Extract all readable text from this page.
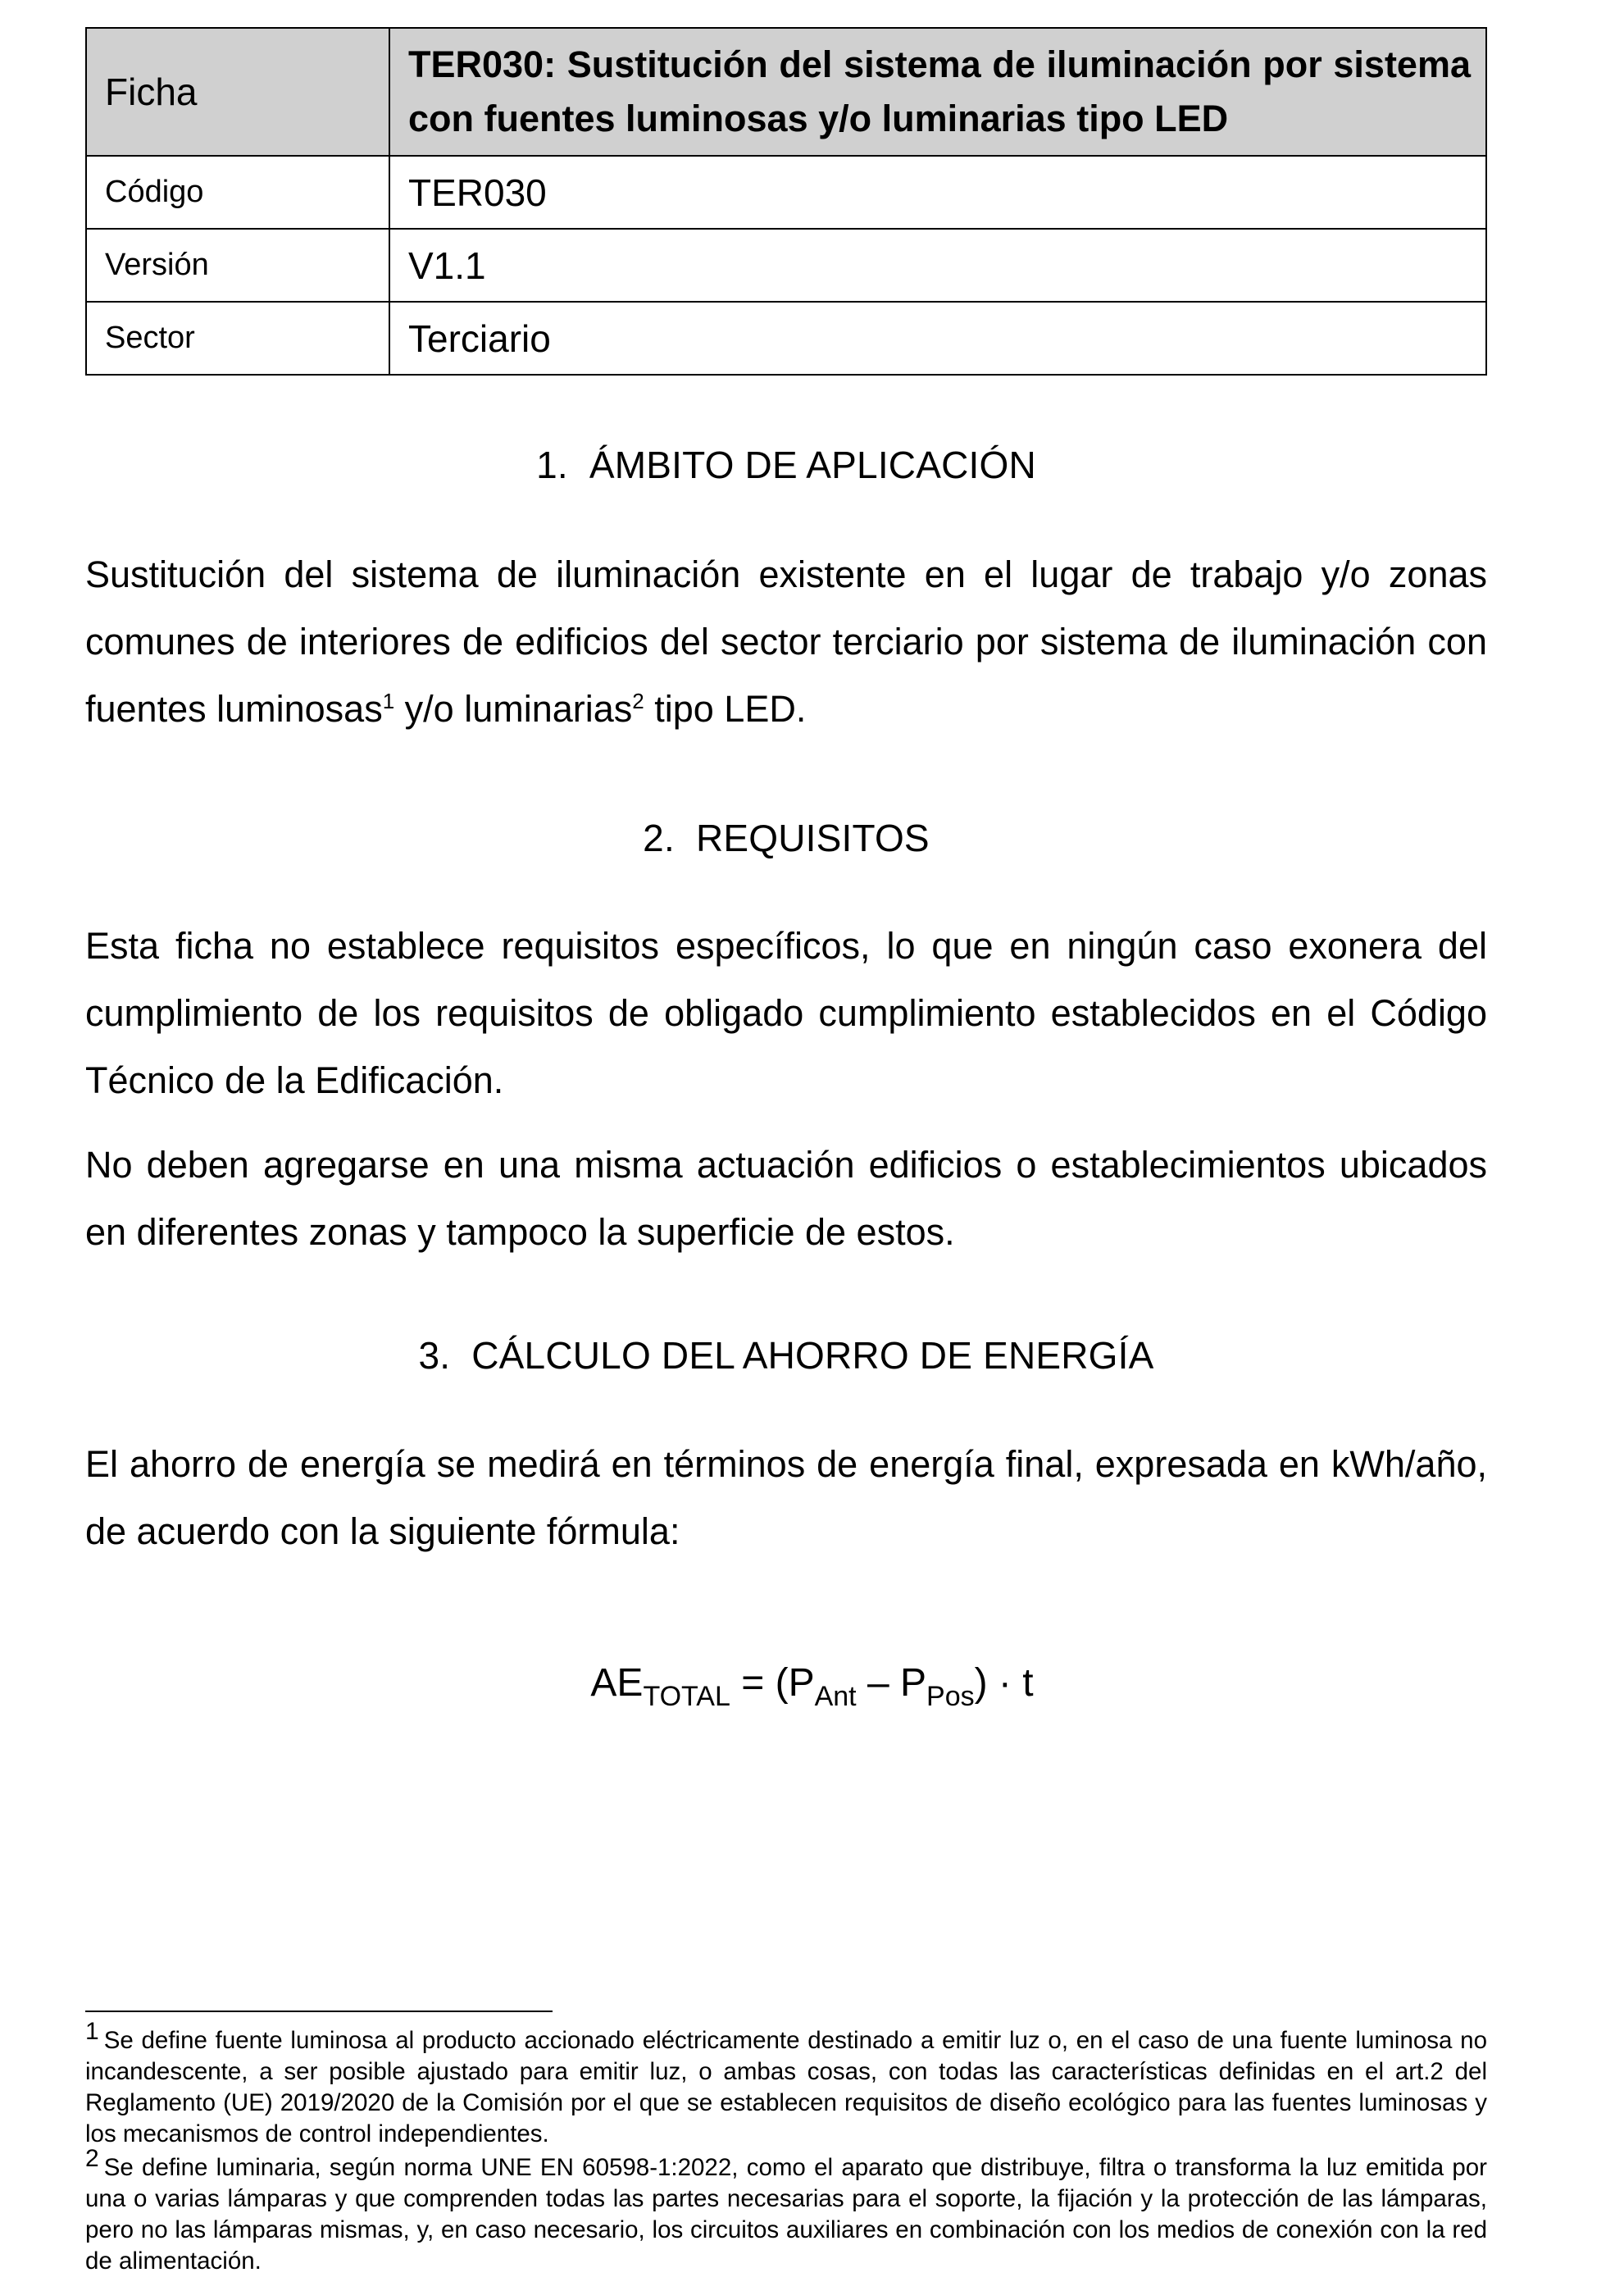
Ficha	TER030: Sustitución del sistema de iluminación por sistema con fuentes luminosas y/o luminarias tipo LED
Código	TER030
Versión	V1.1
Sector	Terciario
1. ÁMBITO DE APLICACIÓN

Sustitución del sistema de iluminación existente en el lugar de trabajo y/o zonas comunes de interiores de edificios del sector terciario por sistema de iluminación con fuentes luminosas$^1$ y/o luminarias$^2$ tipo LED.

2. REQUISITOS

Esta ficha no establece requisitos específicos, lo que en ningún caso exonera del cumplimiento de los requisitos de obligado cumplimiento establecidos en el Código Técnico de la Edificación.

No deben agregarse en una misma actuación edificios o establecimientos ubicados en diferentes zonas y tampoco la superficie de estos.

3. CÁLCULO DEL AHORRO DE ENERGÍA

El ahorro de energía se medirá en términos de energía final, expresada en kWh/año, de acuerdo con la siguiente fórmula:

$AE_{TOTAL} = (P_{Ant} - P_{Pos}) \cdot t$

1 Se define fuente luminosa al producto accionado eléctricamente destinado a emitir luz o, en el caso de una fuente luminosa no incandescente, a ser posible ajustado para emitir luz, o ambas cosas, con todas las características definidas en el art.2 del Reglamento (UE) 2019/2020 de la Comisión por el que se establecen requisitos de diseño ecológico para las fuentes luminosas y los mecanismos de control independientes.

2 Se define luminaria, según norma UNE EN 60598-1:2022, como el aparato que distribuye, filtra o transforma la luz emitida por una o varias lámparas y que comprenden todas las partes necesarias para el soporte, la fijación y la protección de las lámparas, pero no las lámparas mismas, y, en caso necesario, los circuitos auxiliares en combinación con los medios de conexión con la red de alimentación.
